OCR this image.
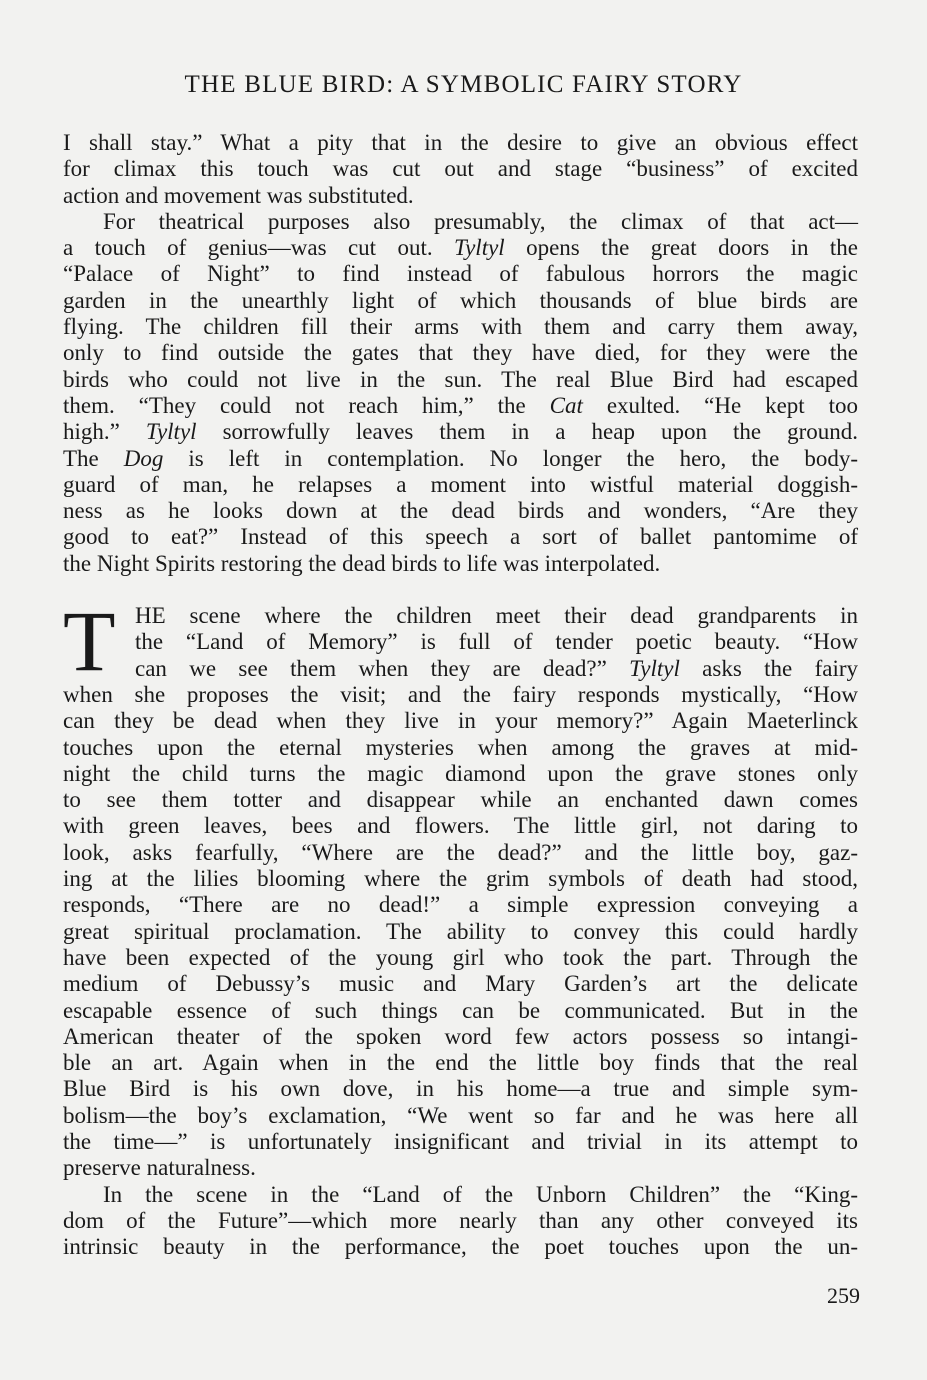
THE BLUE BIRD: A SYMBOLIC FAIRY STORY
I shall stay.” What a pity that in the desire to give an obvious effect
for climax this touch was cut out and stage “business” of excited
action and movement was substituted.
For theatrical purposes also presumably, the climax of that act—
a touch of genius—was cut out. Tyltyl opens the great doors in the
“Palace of Night” to find instead of fabulous horrors the magic
garden in the unearthly light of which thousands of blue birds are
flying. The children fill their arms with them and carry them away,
only to find outside the gates that they have died, for they were the
birds who could not live in the sun. The real Blue Bird had escaped
them. “They could not reach him,” the Cat exulted. “He kept too
high.” Tyltyl sorrowfully leaves them in a heap upon the ground.
The Dog is left in contemplation. No longer the hero, the body-
guard of man, he relapses a moment into wistful material doggish-
ness as he looks down at the dead birds and wonders, “Are they
good to eat?” Instead of this speech a sort of ballet pantomime of
the Night Spirits restoring the dead birds to life was interpolated.
T HE scene where the children meet their dead grandparents in
the “Land of Memory” is full of tender poetic beauty. “How
can we see them when they are dead?” Tyltyl asks the fairy
when she proposes the visit; and the fairy responds mystically, “How
can they be dead when they live in your memory?” Again Maeterlinck
touches upon the eternal mysteries when among the graves at mid-
night the child turns the magic diamond upon the grave stones only
to see them totter and disappear while an enchanted dawn comes
with green leaves, bees and flowers. The little girl, not daring to
look, asks fearfully, “Where are the dead?” and the little boy, gaz-
ing at the lilies blooming where the grim symbols of death had stood,
responds, “There are no dead!” a simple expression conveying a
great spiritual proclamation. The ability to convey this could hardly
have been expected of the young girl who took the part. Through the
medium of Debussy’s music and Mary Garden’s art the delicate
escapable essence of such things can be communicated. But in the
American theater of the spoken word few actors possess so intangi-
ble an art. Again when in the end the little boy finds that the real
Blue Bird is his own dove, in his home—a true and simple sym-
bolism—the boy’s exclamation, “We went so far and he was here all
the time—” is unfortunately insignificant and trivial in its attempt to
preserve naturalness.
In the scene in the “Land of the Unborn Children” the “King-
dom of the Future”—which more nearly than any other conveyed its
intrinsic beauty in the performance, the poet touches upon the un-
259
